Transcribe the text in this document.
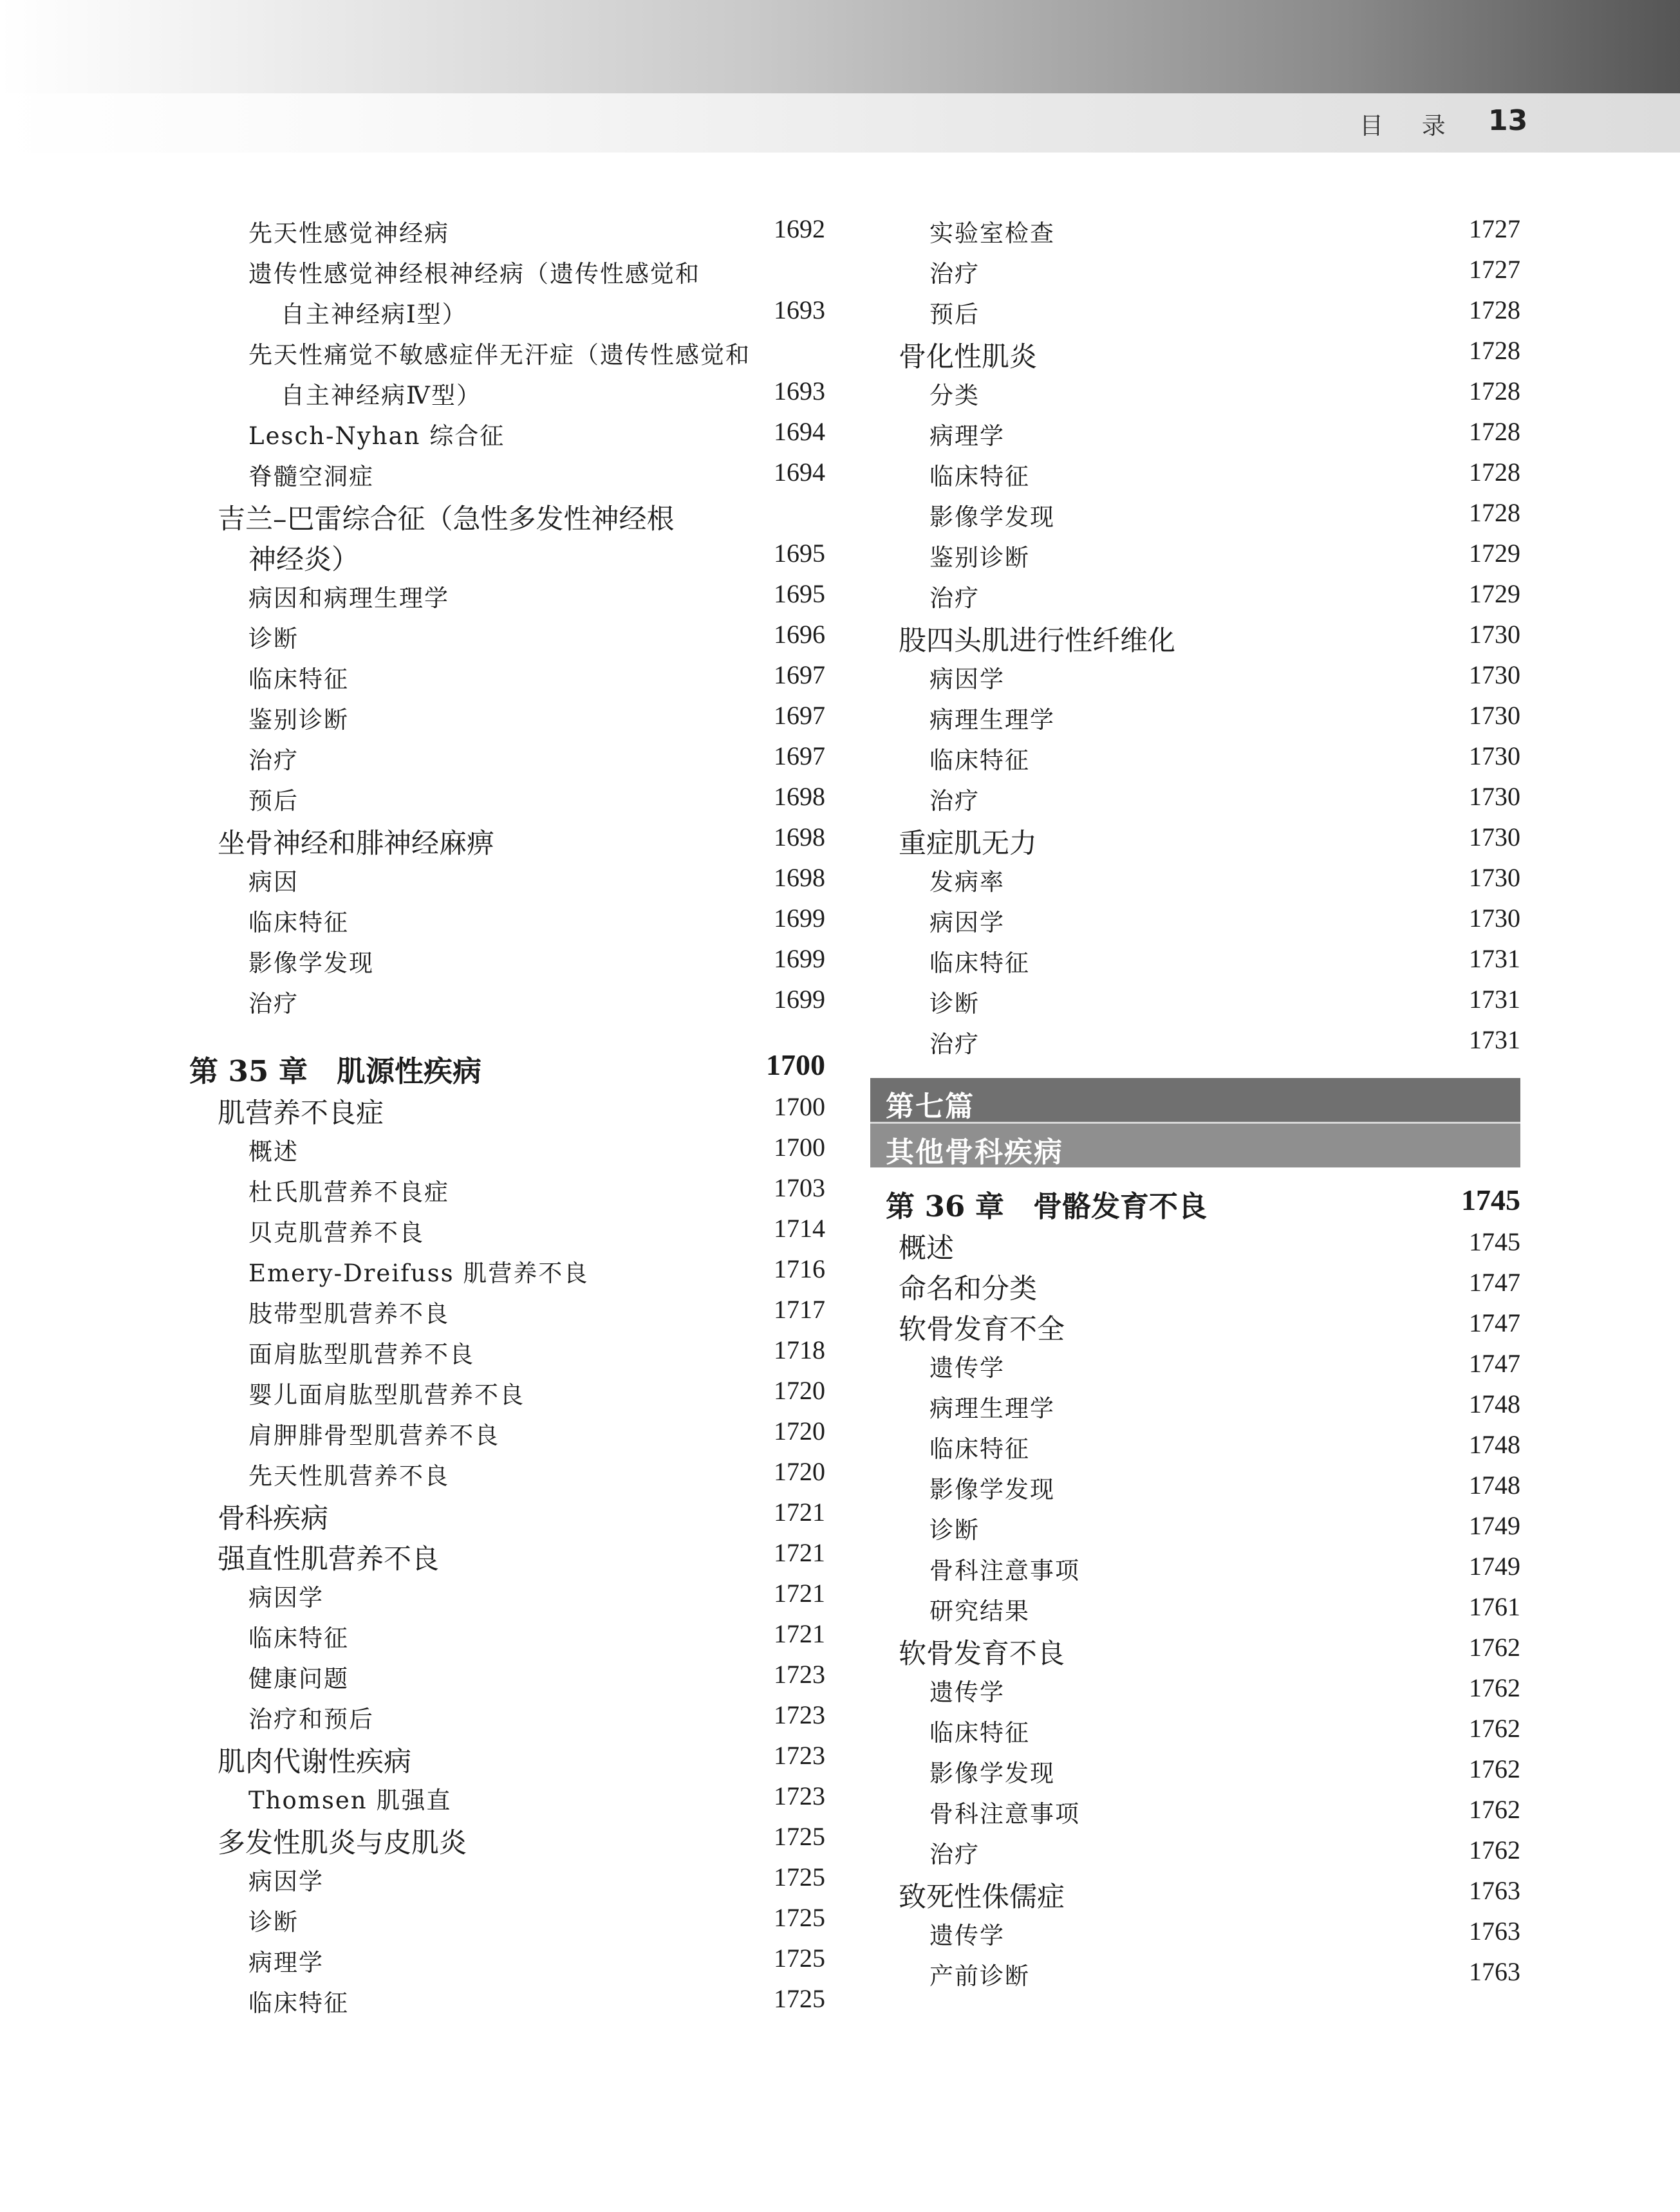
目 录 13
先天性感觉神经病	1692
遗传性感觉神经根神经病（遗传性感觉和
自主神经病Ⅰ型）	1693
先天性痛觉不敏感症伴无汗症（遗传性感觉和
自主神经病Ⅳ型）	1693
Lesch-Nyhan 综合征	1694
脊髓空洞症	1694
吉兰–巴雷综合征（急性多发性神经根
神经炎）	1695
病因和病理生理学	1695
诊断	1696
临床特征	1697
鉴别诊断	1697
治疗	1697
预后	1698
坐骨神经和腓神经麻痹	1698
病因	1698
临床特征	1699
影像学发现	1699
治疗	1699
第 35 章　肌源性疾病	1700
肌营养不良症	1700
概述	1700
杜氏肌营养不良症	1703
贝克肌营养不良	1714
Emery-Dreifuss 肌营养不良	1716
肢带型肌营养不良	1717
面肩肱型肌营养不良	1718
婴儿面肩肱型肌营养不良	1720
肩胛腓骨型肌营养不良	1720
先天性肌营养不良	1720
骨科疾病	1721
强直性肌营养不良	1721
病因学	1721
临床特征	1721
健康问题	1723
治疗和预后	1723
肌肉代谢性疾病	1723
Thomsen 肌强直	1723
多发性肌炎与皮肌炎	1725
病因学	1725
诊断	1725
病理学	1725
临床特征	1725
实验室检查	1727
治疗	1727
预后	1728
骨化性肌炎	1728
分类	1728
病理学	1728
临床特征	1728
影像学发现	1728
鉴别诊断	1729
治疗	1729
股四头肌进行性纤维化	1730
病因学	1730
病理生理学	1730
临床特征	1730
治疗	1730
重症肌无力	1730
发病率	1730
病因学	1730
临床特征	1731
诊断	1731
治疗	1731
第七篇
其他骨科疾病
第 36 章　骨骼发育不良	1745
概述	1745
命名和分类	1747
软骨发育不全	1747
遗传学	1747
病理生理学	1748
临床特征	1748
影像学发现	1748
诊断	1749
骨科注意事项	1749
研究结果	1761
软骨发育不良	1762
遗传学	1762
临床特征	1762
影像学发现	1762
骨科注意事项	1762
治疗	1762
致死性侏儒症	1763
遗传学	1763
产前诊断	1763
